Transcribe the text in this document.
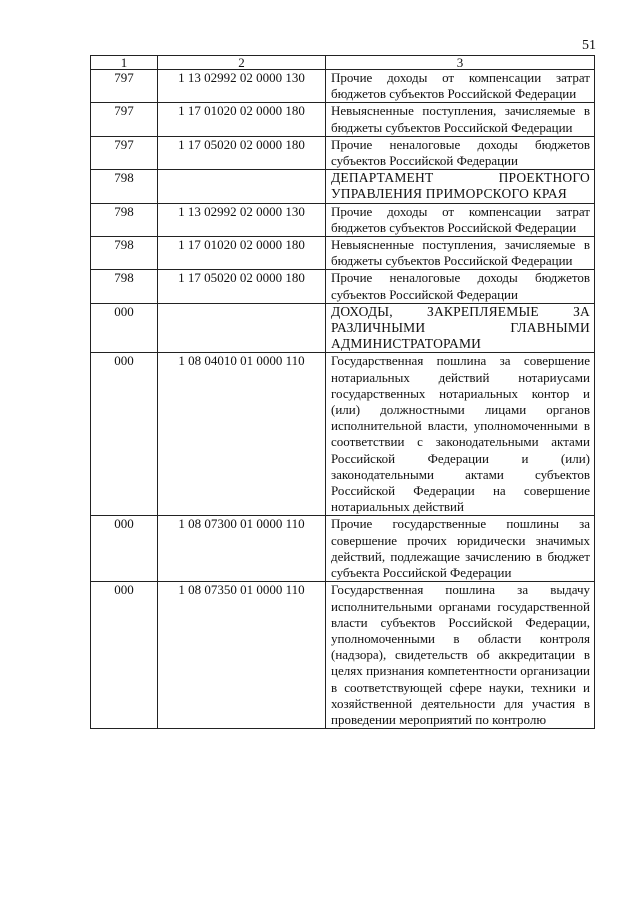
51
1	2	3
797	1 13 02992 02 0000 130	Прочие доходы от компенсации затрат бюджетов субъектов Российской Федерации
797	1 17 01020 02 0000 180	Невыясненные поступления, зачисляемые в бюджеты субъектов Российской Федерации
797	1 17 05020 02 0000 180	Прочие неналоговые доходы бюджетов субъектов Российской Федерации
798		ДЕПАРТАМЕНТ ПРОЕКТНОГО УПРАВЛЕНИЯ ПРИМОРСКОГО КРАЯ
798	1 13 02992 02 0000 130	Прочие доходы от компенсации затрат бюджетов субъектов Российской Федерации
798	1 17 01020 02 0000 180	Невыясненные поступления, зачисляемые в бюджеты субъектов Российской Федерации
798	1 17 05020 02 0000 180	Прочие неналоговые доходы бюджетов субъектов Российской Федерации
000		ДОХОДЫ, ЗАКРЕПЛЯЕМЫЕ ЗА РАЗЛИЧНЫМИ ГЛАВНЫМИ АДМИНИСТРАТОРАМИ
000	1 08 04010 01 0000 110	Государственная пошлина за совершение нотариальных действий нотариусами государственных нотариальных контор и (или) должностными лицами органов исполнительной власти, уполномоченными в соответствии с законодательными актами Российской Федерации и (или) законодательными актами субъектов Российской Федерации на совершение нотариальных действий
000	1 08 07300 01 0000 110	Прочие государственные пошлины за совершение прочих юридически значимых действий, подлежащие зачислению в бюджет субъекта Российской Федерации
000	1 08 07350 01 0000 110	Государственная пошлина за выдачу исполнительными органами государственной власти субъектов Российской Федерации, уполномоченными в области контроля (надзора), свидетельств об аккредитации в целях признания компетентности организации в соответствующей сфере науки, техники и хозяйственной деятельности для участия в проведении мероприятий по контролю
